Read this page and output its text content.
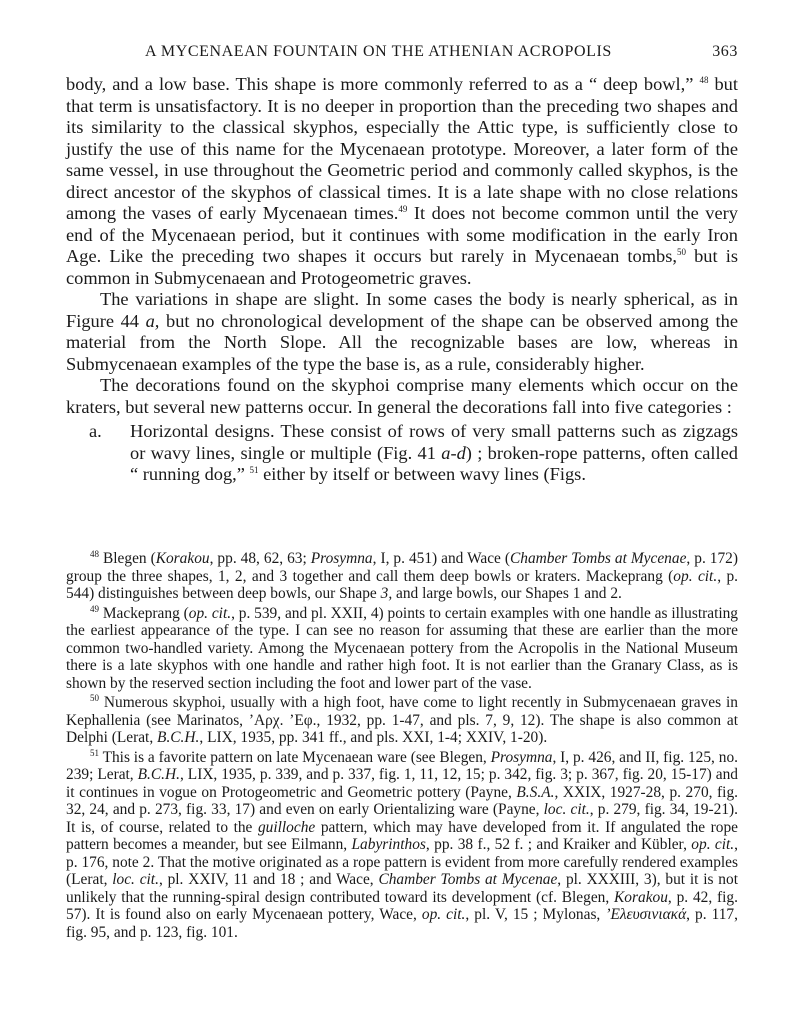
A MYCENAEAN FOUNTAIN ON THE ATHENIAN ACROPOLIS	363

body, and a low base. This shape is more commonly referred to as a “ deep bowl,” $^{48}$ but that term is unsatisfactory. It is no deeper in proportion than the preceding two shapes and its similarity to the classical skyphos, especially the Attic type, is sufficiently close to justify the use of this name for the Mycenaean prototype. Moreover, a later form of the same vessel, in use throughout the Geometric period and commonly called skyphos, is the direct ancestor of the skyphos of classical times. It is a late shape with no close relations among the vases of early Mycenaean times.$^{49}$ It does not become common until the very end of the Mycenaean period, but it continues with some modification in the early Iron Age. Like the preceding two shapes it occurs but rarely in Mycenaean tombs,$^{50}$ but is common in Submycenaean and Protogeometric graves.

The variations in shape are slight. In some cases the body is nearly spherical, as in Figure 44 a, but no chronological development of the shape can be observed among the material from the North Slope. All the recognizable bases are low, whereas in Submycenaean examples of the type the base is, as a rule, considerably higher.

The decorations found on the skyphoi comprise many elements which occur on the kraters, but several new patterns occur. In general the decorations fall into five categories :

a. Horizontal designs. These consist of rows of very small patterns such as zigzags or wavy lines, single or multiple (Fig. 41 a-d) ; broken-rope patterns, often called “ running dog,” $^{51}$ either by itself or between wavy lines (Figs.

$^{48}$ Blegen (Korakou, pp. 48, 62, 63; Prosymna, I, p. 451) and Wace (Chamber Tombs at Mycenae, p. 172) group the three shapes, 1, 2, and 3 together and call them deep bowls or kraters. Mackeprang (op. cit., p. 544) distinguishes between deep bowls, our Shape 3, and large bowls, our Shapes 1 and 2.

$^{49}$ Mackeprang (op. cit., p. 539, and pl. XXII, 4) points to certain examples with one handle as illustrating the earliest appearance of the type. I can see no reason for assuming that these are earlier than the more common two-handled variety. Among the Mycenaean pottery from the Acropolis in the National Museum there is a late skyphos with one handle and rather high foot. It is not earlier than the Granary Class, as is shown by the reserved section including the foot and lower part of the vase.

$^{50}$ Numerous skyphoi, usually with a high foot, have come to light recently in Submycenaean graves in Kephallenia (see Marinatos, ’Αρχ. ’Εφ., 1932, pp. 1-47, and pls. 7, 9, 12). The shape is also common at Delphi (Lerat, B.C.H., LIX, 1935, pp. 341 ff., and pls. XXI, 1-4; XXIV, 1-20).

$^{51}$ This is a favorite pattern on late Mycenaean ware (see Blegen, Prosymna, I, p. 426, and II, fig. 125, no. 239; Lerat, B.C.H., LIX, 1935, p. 339, and p. 337, fig. 1, 11, 12, 15; p. 342, fig. 3; p. 367, fig. 20, 15-17) and it continues in vogue on Protogeometric and Geometric pottery (Payne, B.S.A., XXIX, 1927-28, p. 270, fig. 32, 24, and p. 273, fig. 33, 17) and even on early Orientalizing ware (Payne, loc. cit., p. 279, fig. 34, 19-21). It is, of course, related to the guilloche pattern, which may have developed from it. If angulated the rope pattern becomes a meander, but see Eilmann, Labyrinthos, pp. 38 f., 52 f. ; and Kraiker and Kübler, op. cit., p. 176, note 2. That the motive originated as a rope pattern is evident from more carefully rendered examples (Lerat, loc. cit., pl. XXIV, 11 and 18 ; and Wace, Chamber Tombs at Mycenae, pl. XXXIII, 3), but it is not unlikely that the running-spiral design contributed toward its development (cf. Blegen, Korakou, p. 42, fig. 57). It is found also on early Mycenaean pottery, Wace, op. cit., pl. V, 15 ; Mylonas, ’Ελευσινιακά, p. 117, fig. 95, and p. 123, fig. 101.
